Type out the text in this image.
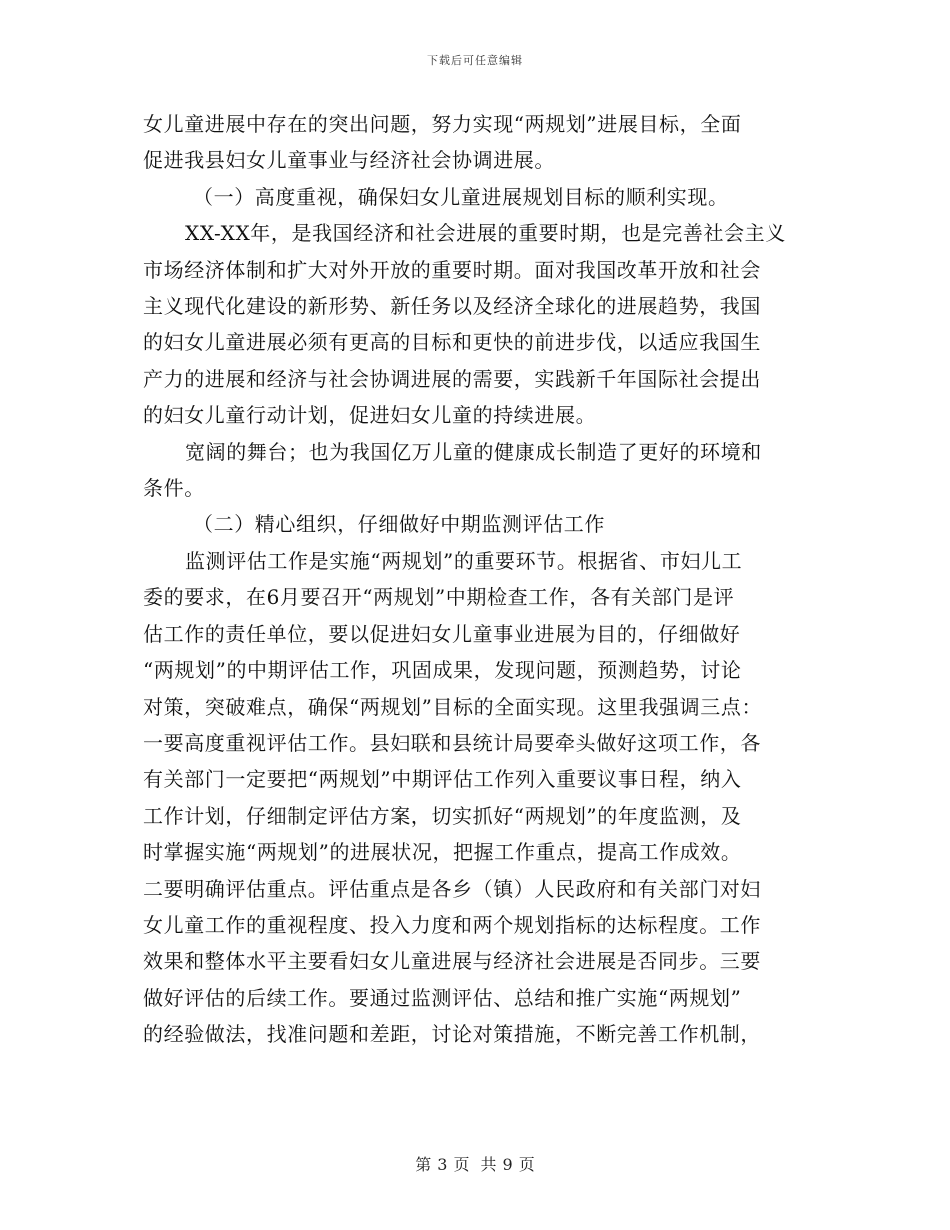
下载后可任意编辑
女儿童进展中存在的突出问题，努力实现“两规划”进展目标，全面
促进我县妇女儿童事业与经济社会协调进展。
（一）高度重视，确保妇女儿童进展规划目标的顺利实现。
XX-XX年，是我国经济和社会进展的重要时期，也是完善社会主义
市场经济体制和扩大对外开放的重要时期。面对我国改革开放和社会
主义现代化建设的新形势、新任务以及经济全球化的进展趋势，我国
的妇女儿童进展必须有更高的目标和更快的前进步伐，以适应我国生
产力的进展和经济与社会协调进展的需要，实践新千年国际社会提出
的妇女儿童行动计划，促进妇女儿童的持续进展。
宽阔的舞台；也为我国亿万儿童的健康成长制造了更好的环境和
条件。
（二）精心组织，仔细做好中期监测评估工作
监测评估工作是实施“两规划”的重要环节。根据省、市妇儿工
委的要求，在6月要召开“两规划”中期检查工作，各有关部门是评
估工作的责任单位，要以促进妇女儿童事业进展为目的，仔细做好
“两规划”的中期评估工作，巩固成果，发现问题，预测趋势，讨论
对策，突破难点，确保“两规划”目标的全面实现。这里我强调三点：
一要高度重视评估工作。县妇联和县统计局要牵头做好这项工作，各
有关部门一定要把“两规划”中期评估工作列入重要议事日程，纳入
工作计划，仔细制定评估方案，切实抓好“两规划”的年度监测，及
时掌握实施“两规划”的进展状况，把握工作重点，提高工作成效。
二要明确评估重点。评估重点是各乡（镇）人民政府和有关部门对妇
女儿童工作的重视程度、投入力度和两个规划指标的达标程度。工作
效果和整体水平主要看妇女儿童进展与经济社会进展是否同步。三要
做好评估的后续工作。要通过监测评估、总结和推广实施“两规划”
的经验做法，找准问题和差距，讨论对策措施，不断完善工作机制，
第 3 页 共 9 页
